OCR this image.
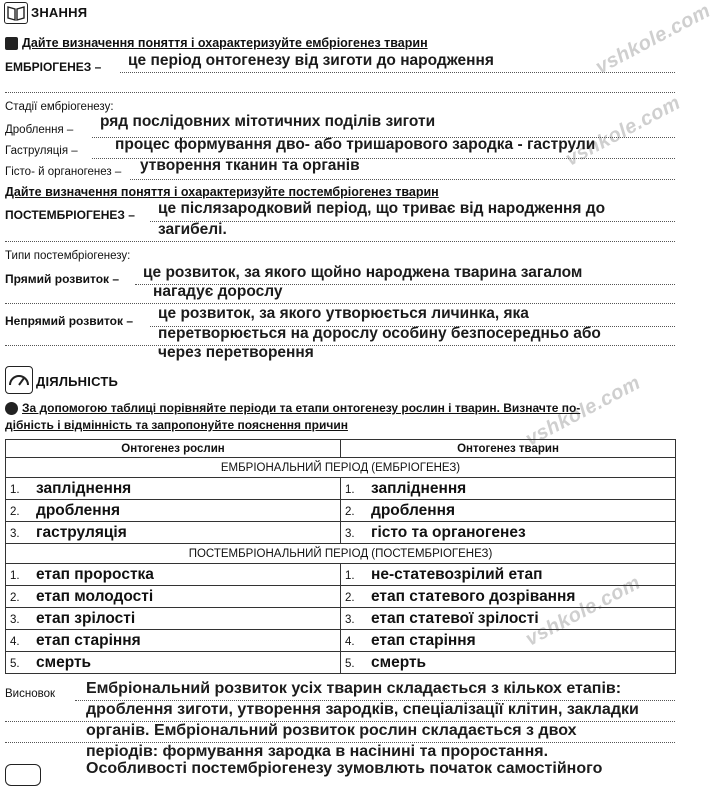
vshkole.com
vshkole.com
vshkole.com
vshkole.com
ЗНАННЯ
Дайте визначення поняття і охарактеризуйте ембріогенез тварин
ЕМБРІОГЕНЕЗ – це період онтогенезу від зиготи до народження
Стадії ембріогенезу:
Дроблення – ряд послідовних мітотичних поділів зиготи
Гаструляція – процес формування дво- або тришарового зародка - гаструли
Гісто- й органогенез – утворення тканин та органів
Дайте визначення поняття і охарактеризуйте постембріогенез тварин
ПОСТЕМБРІОГЕНЕЗ – це післязародковий період, що триває від народження до
загибелі.
Типи постембріогенезу:
Прямий розвиток – це розвиток, за якого щойно народжена тварина загалом
нагадує дорослу
Непрямий розвиток – це розвиток, за якого утворюється личинка, яка
перетворюється на дорослу особину безпосередньо або
через перетворення
ДІЯЛЬНІСТЬ
За допомогою таблиці порівняйте періоди та етапи онтогенезу рослин і тварин. Визначте по-
дібність і відмінність та запропонуйте пояснення причин
Онтогенез рослин	Онтогенез тварин
ЕМБРІОНАЛЬНИЙ ПЕРІОД (ЕМБРІОГЕНЕЗ)	
1. запліднення	1. запліднення
2. дроблення	2. дроблення
3. гаструляція	3. гісто та органогенез
ПОСТЕМБРІОНАЛЬНИЙ ПЕРІОД (ПОСТЕМБРІОГЕНЕЗ)	
1. етап проростка	1. не-статевозрілий етап
2. етап молодості	2. етап статевого дозрівання
3. етап зрілості	3. етап статевої зрілості
4. етап старіння	4. етап старіння
5. смерть	5. смерть
Висновок Ембріональний розвиток усіх тварин складається з кількох етапів:
дроблення зиготи, утворення зародків, спеціалізації клітин, закладки
органів. Ембріональний розвиток рослин складається з двох
періодів: формування зародка в насінині та проростання.
Особливості постембріогенезу зумовлють початок самостійного
